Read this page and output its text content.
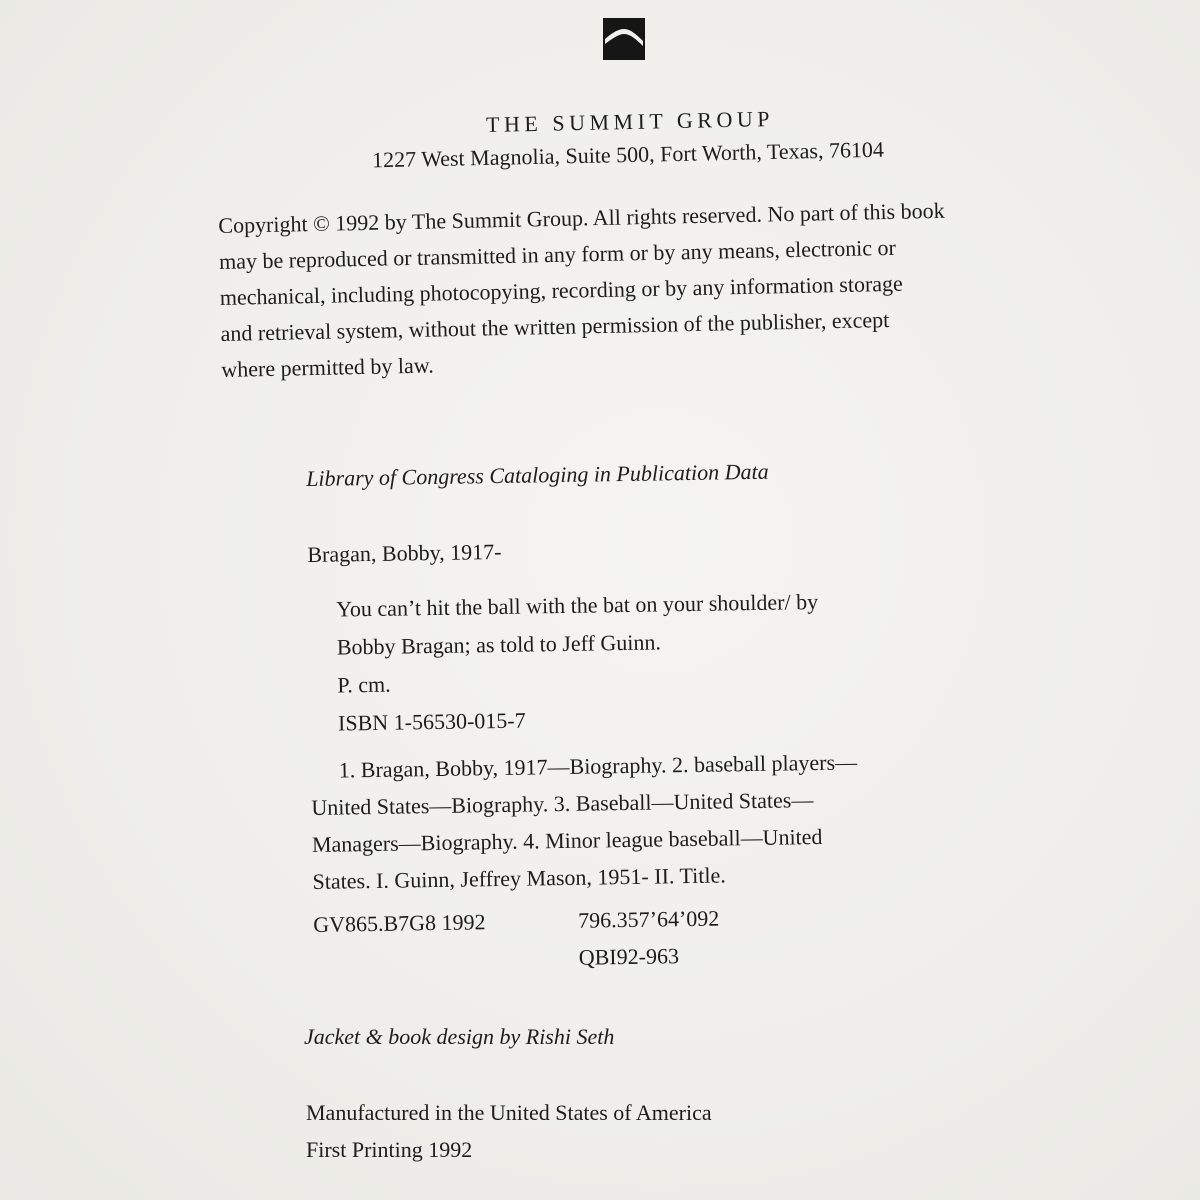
THE SUMMIT GROUP
1227 West Magnolia, Suite 500, Fort Worth, Texas, 76104

Copyright © 1992 by The Summit Group. All rights reserved. No part of this book

may be reproduced or transmitted in any form or by any means, electronic or

mechanical, including photocopying, recording or by any information storage

and retrieval system, without the written permission of the publisher, except

where permitted by law.

Library of Congress Cataloging in Publication Data

Bragan, Bobby, 1917-

You can’t hit the ball with the bat on your shoulder/ by

Bobby Bragan; as told to Jeff Guinn.

P. cm.

ISBN 1-56530-015-7

1. Bragan, Bobby, 1917—Biography. 2. baseball players—

United States—Biography. 3. Baseball—United States—

Managers—Biography. 4. Minor league baseball—United

States. I. Guinn, Jeffrey Mason, 1951- II. Title.

GV865.B7G8 1992	796.357’64’092
QBI92-963
Jacket & book design by Rishi Seth

Manufactured in the United States of America

First Printing 1992
